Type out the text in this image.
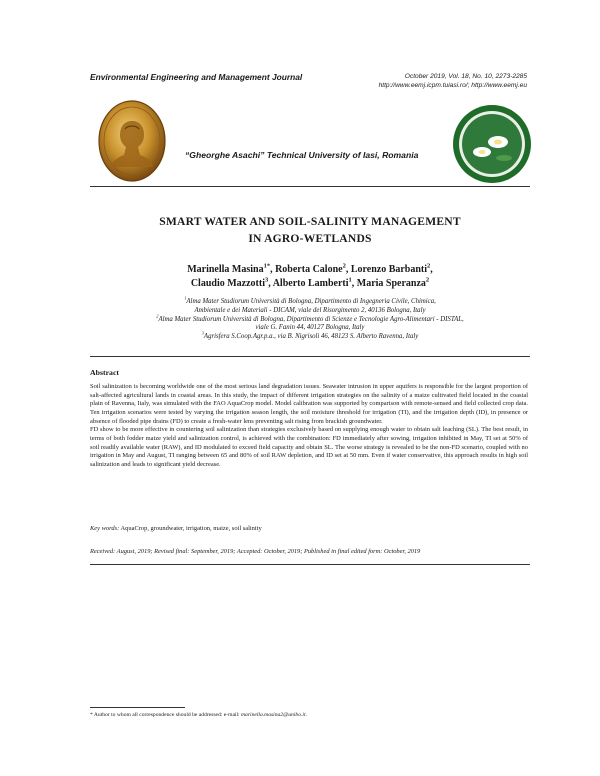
Environmental Engineering and Management Journal	October 2019, Vol. 18, No. 10, 2273-2285
http://www.eemj.icpm.tuiasi.ro/; http://www.eemj.eu
“Gheorghe Asachi” Technical University of Iasi, Romania
SMART WATER AND SOIL-SALINITY MANAGEMENT
IN AGRO-WETLANDS
Marinella Masina$^{1*}$, Roberta Calone$^2$, Lorenzo Barbanti$^2$,
Claudio Mazzotti$^3$, Alberto Lamberti$^1$, Maria Speranza$^2$
$^1$Alma Mater Studiorum Università di Bologna, Dipartimento di Ingegneria Civile, Chimica,
Ambientale e dei Materiali - DICAM, viale del Risorgimento 2, 40136 Bologna, Italy
$^2$Alma Mater Studiorum Università di Bologna, Dipartimento di Scienze e Tecnologie Agro-Alimentari - DISTAL,
viale G. Fanin 44, 40127 Bologna, Italy
$^3$Agrisfera S.Coop.Agr.p.a., via B. Nigrisoli 46, 48123 S. Alberto Ravenna, Italy
Abstract

Soil salinization is becoming worldwide one of the most serious land degradation issues. Seawater intrusion in upper aquifers is responsible for the largest proportion of salt-affected agricultural lands in coastal areas. In this study, the impact of different irrigation strategies on the salinity of a maize cultivated field located in the coastal plain of Ravenna, Italy, was simulated with the FAO AquaCrop model. Model calibration was supported by comparison with remote-sensed and field collected crop data. Ten irrigation scenarios were tested by varying the irrigation season length, the soil moisture threshold for irrigation (TI), and the irrigation depth (ID), in presence or absence of flooded pipe drains (FD) to create a fresh-water lens preventing salt rising from brackish groundwater.

FD show to be more effective in countering soil salinization than strategies exclusively based on supplying enough water to obtain salt leaching (SL). The best result, in terms of both fodder maize yield and salinization control, is achieved with the combination: FD immediately after sowing, irrigation inhibited in May, TI set at 50% of soil readily available water (RAW), and ID modulated to exceed field capacity and obtain SL. The worse strategy is revealed to be the non-FD scenario, coupled with no irrigation in May and August, TI ranging between 65 and 80% of soil RAW depletion, and ID set at 50 mm. Even if water conservative, this approach results in high soil salinization and leads to significant yield decrease.

Key words: AquaCrop, groundwater, irrigation, maize, soil salinity
Received: August, 2019; Revised final: September, 2019; Accepted: October, 2019; Published in final edited form: October, 2019
* Author to whom all correspondence should be addressed: e-mail: marinella.masina2@unibo.it.
